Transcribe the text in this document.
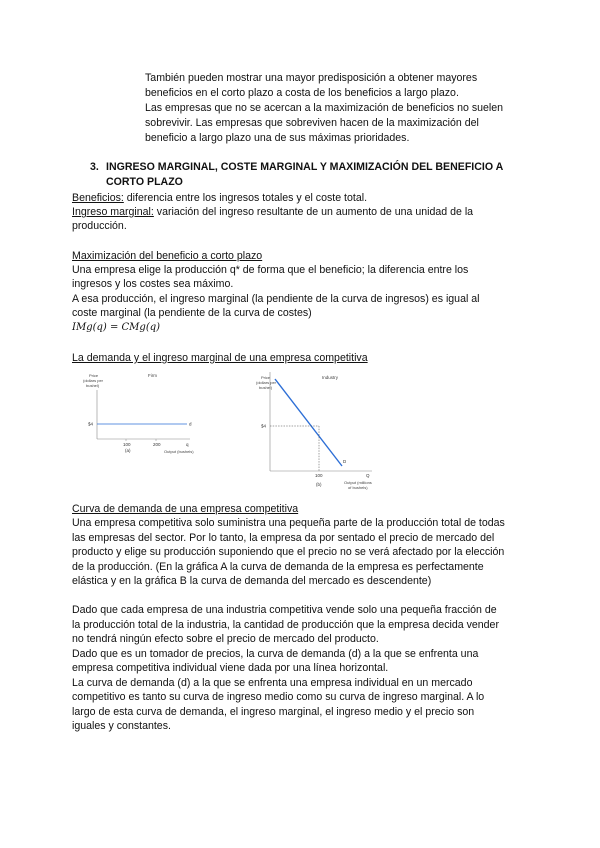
También pueden mostrar una mayor predisposición a obtener mayores
beneficios en el corto plazo a costa de los beneficios a largo plazo.
Las empresas que no se acercan a la maximización de beneficios no suelen
sobrevivir. Las empresas que sobreviven hacen de la maximización del
beneficio a largo plazo una de sus máximas prioridades.
3. INGRESO MARGINAL, COSTE MARGINAL Y MAXIMIZACIÓN DEL BENEFICIO A
CORTO PLAZO
Beneficios: diferencia entre los ingresos totales y el coste total.
Ingreso marginal: variación del ingreso resultante de un aumento de una unidad de la
producción.
Maximización del beneficio a corto plazo
Una empresa elige la producción q* de forma que el beneficio; la diferencia entre los
ingresos y los costes sea máximo.
A esa producción, el ingreso marginal (la pendiente de la curva de ingresos) es igual al
coste marginal (la pendiente de la curva de costes)
IMg(q) = CMg(q)
La demanda y el ingreso marginal de una empresa competitiva
Firm
Price
(dollars per
bushel)
$4	d
100	200	q
(a)	Output (bushels)
Industry
Price
(dollars per
bushel)
$4
D
100	Q
Output (millions
of bushels)
(b)
Curva de demanda de una empresa competitiva
Una empresa competitiva solo suministra una pequeña parte de la producción total de todas
las empresas del sector. Por lo tanto, la empresa da por sentado el precio de mercado del
producto y elige su producción suponiendo que el precio no se verá afectado por la elección
de la producción. (En la gráfica A la curva de demanda de la empresa es perfectamente
elástica y en la gráfica B la curva de demanda del mercado es descendente)
Dado que cada empresa de una industria competitiva vende solo una pequeña fracción de
la producción total de la industria, la cantidad de producción que la empresa decida vender
no tendrá ningún efecto sobre el precio de mercado del producto.
Dado que es un tomador de precios, la curva de demanda (d) a la que se enfrenta una
empresa competitiva individual viene dada por una línea horizontal.
La curva de demanda (d) a la que se enfrenta una empresa individual en un mercado
competitivo es tanto su curva de ingreso medio como su curva de ingreso marginal. A lo
largo de esta curva de demanda, el ingreso marginal, el ingreso medio y el precio son
iguales y constantes.
